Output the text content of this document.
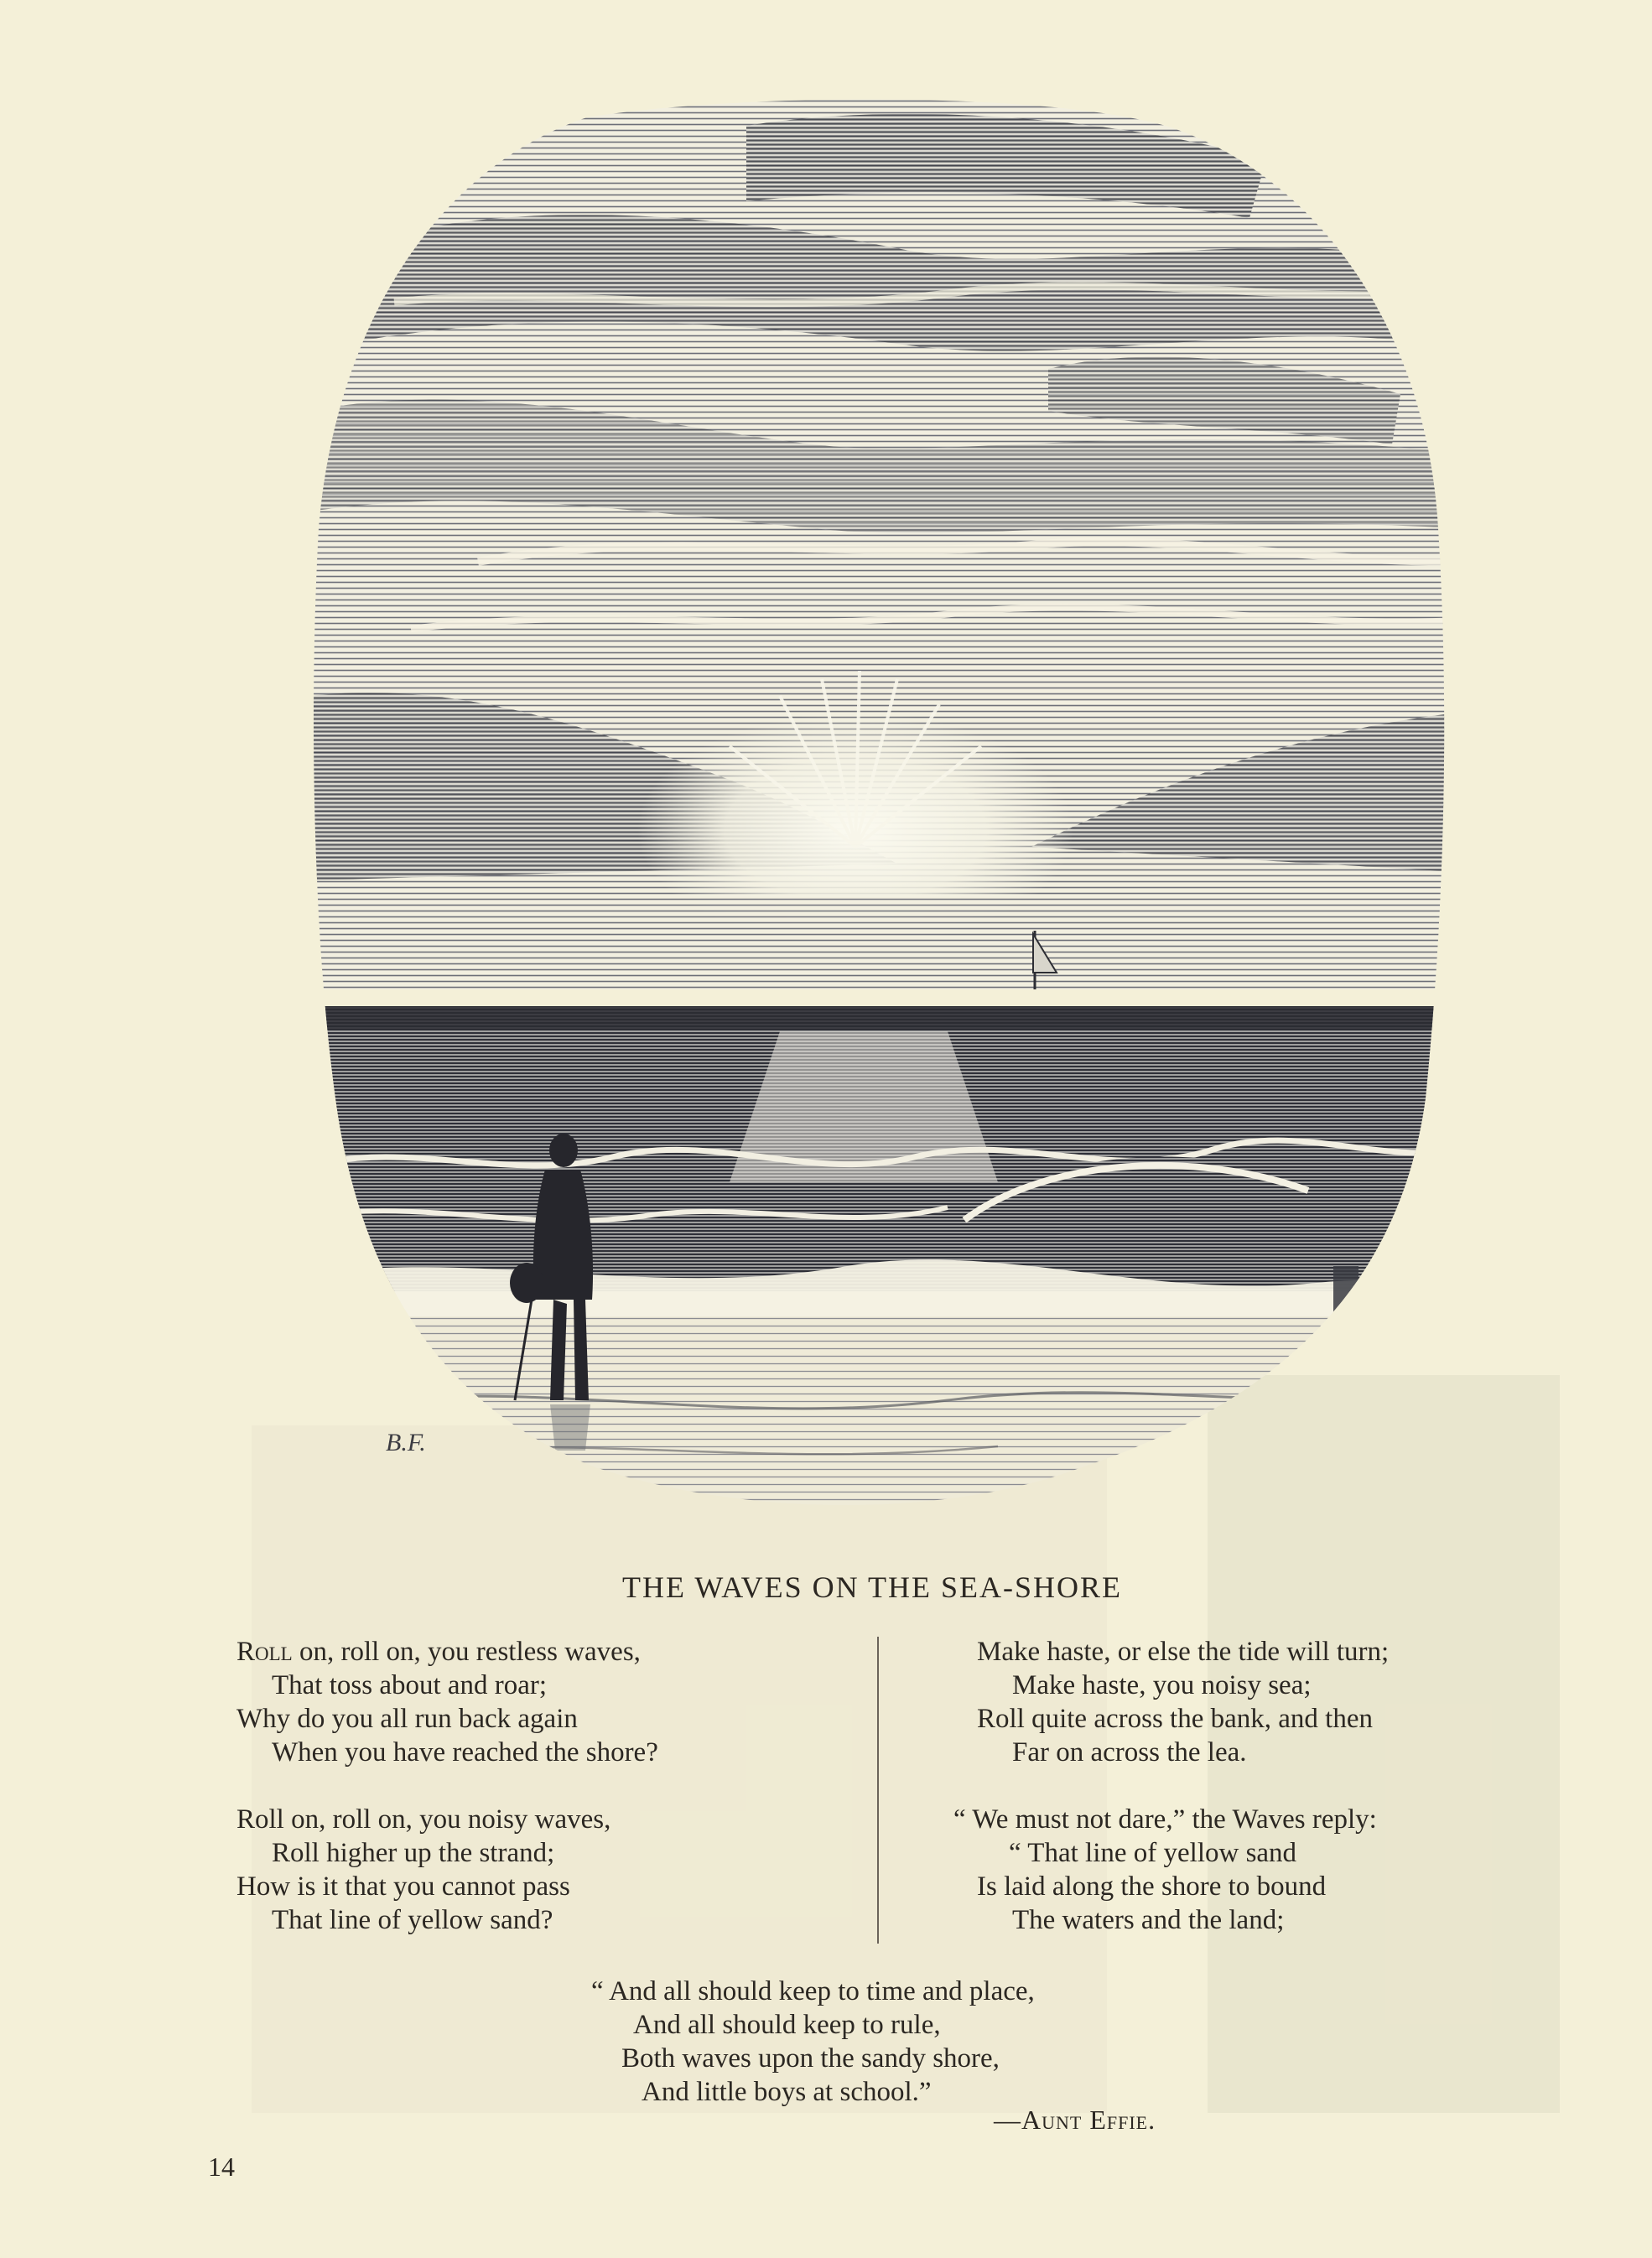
B.F.
THE WAVES ON THE SEA-SHORE
Roll on, roll on, you restless waves,
That toss about and roar;
Why do you all run back again
When you have reached the shore?
Roll on, roll on, you noisy waves,
Roll higher up the strand;
How is it that you cannot pass
That line of yellow sand?
Make haste, or else the tide will turn;
Make haste, you noisy sea;
Roll quite across the bank, and then
Far on across the lea.
“ We must not dare,” the Waves reply:
“ That line of yellow sand
Is laid along the shore to bound
The waters and the land;
“ And all should keep to time and place,
And all should keep to rule,
Both waves upon the sandy shore,
And little boys at school.”
—Aunt Effie.
14
